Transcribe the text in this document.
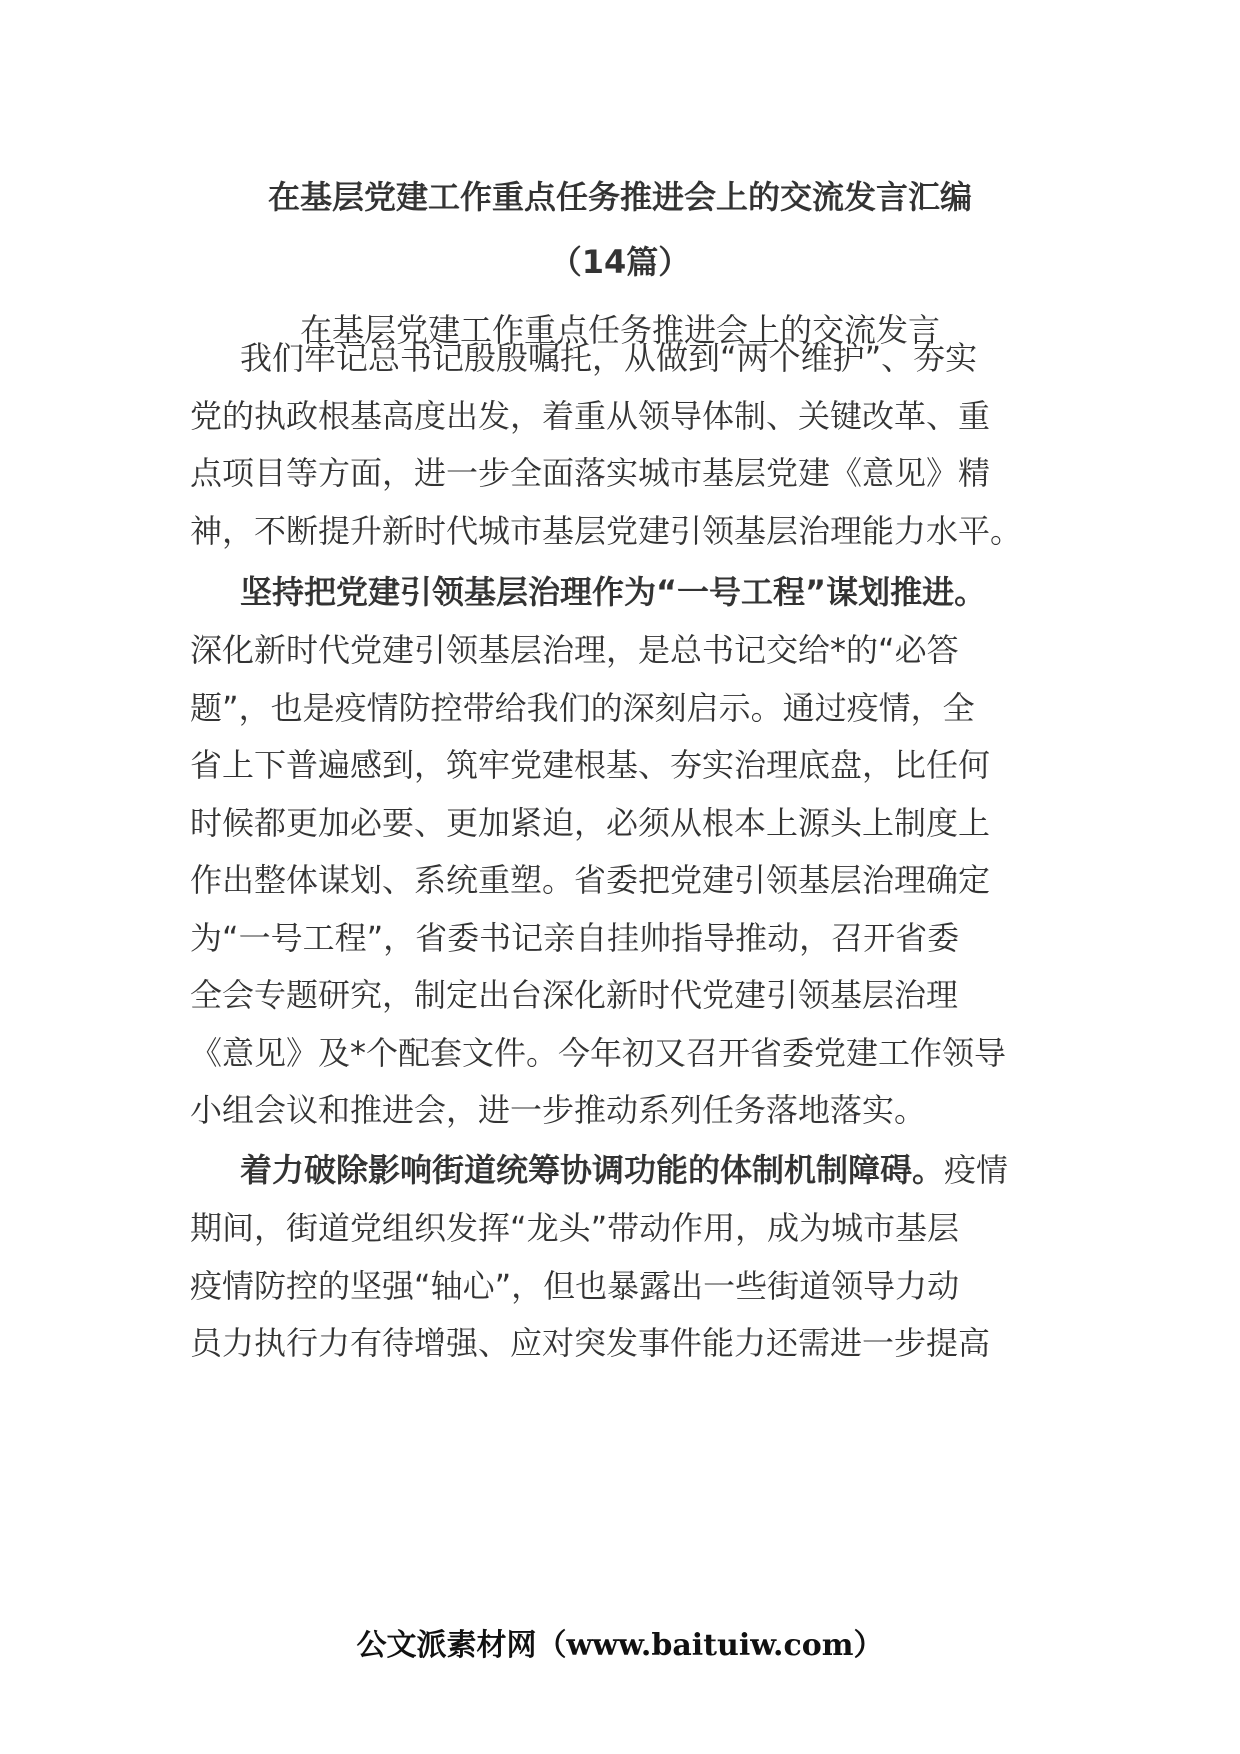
在基层党建工作重点任务推进会上的交流发言汇编
（14篇）
在基层党建工作重点任务推进会上的交流发言
我们牢记总书记殷殷嘱托，从做到“两个维护”、夯实
党的执政根基高度出发，着重从领导体制、关键改革、重
点项目等方面，进一步全面落实城市基层党建《意见》精
神，不断提升新时代城市基层党建引领基层治理能力水平。
坚持把党建引领基层治理作为“一号工程”谋划推进。
深化新时代党建引领基层治理，是总书记交给*的“必答
题”，也是疫情防控带给我们的深刻启示。通过疫情，全
省上下普遍感到，筑牢党建根基、夯实治理底盘，比任何
时候都更加必要、更加紧迫，必须从根本上源头上制度上
作出整体谋划、系统重塑。省委把党建引领基层治理确定
为“一号工程”，省委书记亲自挂帅指导推动，召开省委
全会专题研究，制定出台深化新时代党建引领基层治理
《意见》及*个配套文件。今年初又召开省委党建工作领导
小组会议和推进会，进一步推动系列任务落地落实。
着力破除影响街道统筹协调功能的体制机制障碍。疫情
期间，街道党组织发挥“龙头”带动作用，成为城市基层
疫情防控的坚强“轴心”，但也暴露出一些街道领导力动
员力执行力有待增强、应对突发事件能力还需进一步提高
公文派素材网（www.baituiw.com）
